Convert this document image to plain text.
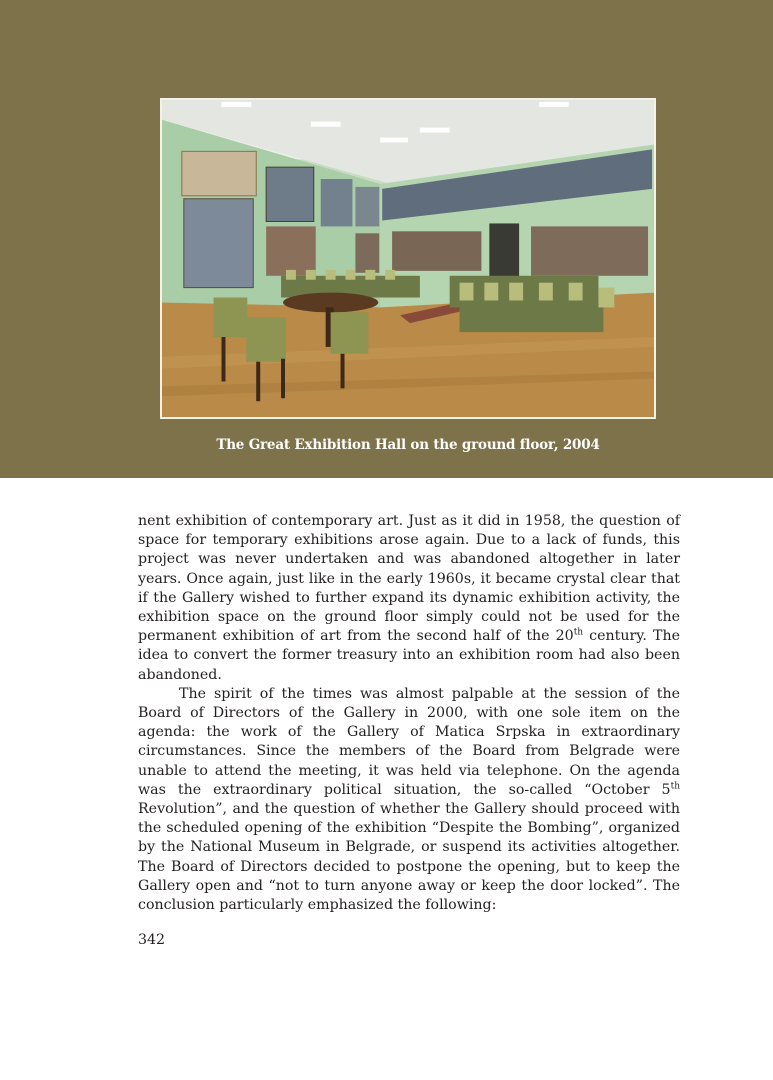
The Great Exhibition Hall on the ground floor, 2004

nent exhibition of contemporary art. Just as it did in 1958, the question of space for temporary exhibitions arose again. Due to a lack of funds, this project was never undertaken and was abandoned altogether in later years. Once again, just like in the early 1960s, it became crystal clear that if the Gallery wished to further expand its dynamic exhibition activity, the exhibition space on the ground floor simply could not be used for the permanent exhibition of art from the second half of the 20th century. The idea to convert the former treasury into an exhibition room had also been abandoned.

The spirit of the times was almost palpable at the session of the Board of Directors of the Gallery in 2000, with one sole item on the agenda: the work of the Gallery of Matica Srpska in extraordinary circumstances. Since the members of the Board from Belgrade were unable to attend the meeting, it was held via telephone. On the agenda was the extraordinary political situation, the so-called “October 5th Revolution”, and the question of whether the Gallery should proceed with the scheduled opening of the exhibition “Despite the Bombing”, organized by the National Museum in Belgrade, or suspend its activities altogether. The Board of Directors decided to postpone the opening, but to keep the Gallery open and “not to turn anyone away or keep the door locked”. The conclusion particularly emphasized the following:

342
